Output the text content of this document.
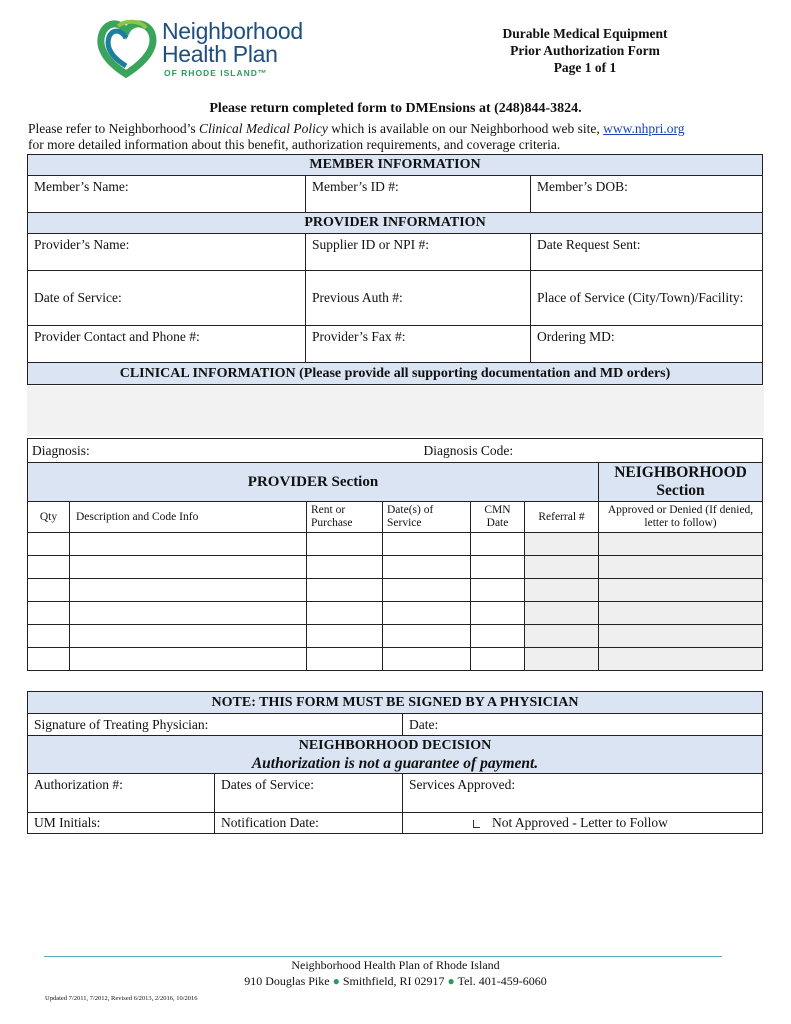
Neighborhood
Health Plan
OF RHODE ISLAND™
Durable Medical Equipment
Prior Authorization Form
Page 1 of 1
Please return completed form to DMEnsions at (248)844-3824.
Please refer to Neighborhood’s Clinical Medical Policy which is available on our Neighborhood web site, www.nhpri.org
for more detailed information about this benefit, authorization requirements, and coverage criteria.
MEMBER INFORMATION		
Member’s Name:	Member’s ID #:	Member’s DOB:
PROVIDER INFORMATION		
Provider’s Name:	Supplier ID or NPI #:	Date Request Sent:
Date of Service:	Previous Auth #:	Place of Service (City/Town)/Facility:
Provider Contact and Phone #:	Provider’s Fax #:	Ordering MD:
CLINICAL INFORMATION (Please provide all supporting documentation and MD orders)		
Diagnosis: Diagnosis Code:						

PROVIDER Section						NEIGHBORHOOD Section
Qty	Description and Code Info	Rent or Purchase	Date(s) of Service	CMN Date	Referral #	Approved or Denied (If denied, letter to follow)

NOTE: THIS FORM MUST BE SIGNED BY A PHYSICIAN		
Signature of Treating Physician:		Date:

NEIGHBORHOOD DECISION
Authorization is not a guarantee of payment.		

Authorization #:	Dates of Service:	Services Approved:
UM Initials:	Notification Date:	Not Approved - Letter to Follow
Neighborhood Health Plan of Rhode Island
910 Douglas Pike ● Smithfield, RI 02917 ● Tel. 401-459-6060
Updated 7/2011, 7/2012, Revised 6/2013, 2/2016, 10/2016
